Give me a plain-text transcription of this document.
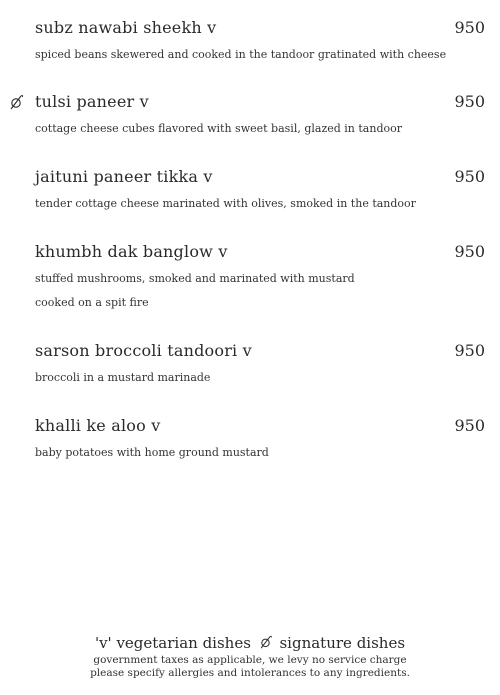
subz nawabi sheekh v	950
spiced beans skewered and cooked in the tandoor gratinated with cheese
tulsi paneer v	950
cottage cheese cubes flavored with sweet basil, glazed in tandoor
jaituni paneer tikka v	950
tender cottage cheese marinated with olives, smoked in the tandoor
khumbh dak banglow v	950
stuffed mushrooms, smoked and marinated with mustard
cooked on a spit fire
sarson broccoli tandoori v	950
broccoli in a mustard marinade
khalli ke aloo v	950
baby potatoes with home ground mustard
'v' vegetarian dishes signature dishes
government taxes as applicable, we levy no service charge
please specify allergies and intolerances to any ingredients.
